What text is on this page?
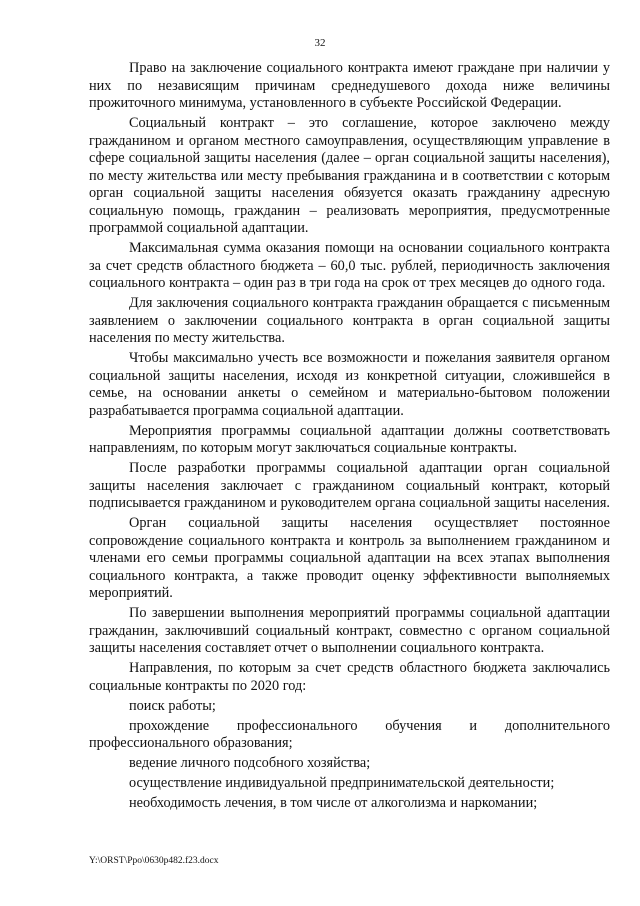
32

Право на заключение социального контракта имеют граждане при наличии у них по независящим причинам среднедушевого дохода ниже величины прожиточного минимума, установленного в субъекте Российской Федерации.

Социальный контракт – это соглашение, которое заключено между гражданином и органом местного самоуправления, осуществляющим управление в сфере социальной защиты населения (далее – орган социальной защиты населения), по месту жительства или месту пребывания гражданина и в соответствии с которым орган социальной защиты населения обязуется оказать гражданину адресную социальную помощь, гражданин – реализовать мероприятия, предусмотренные программой социальной адаптации.

Максимальная сумма оказания помощи на основании социального контракта за счет средств областного бюджета – 60,0 тыс. рублей, периодичность заключения социального контракта – один раз в три года на срок от трех месяцев до одного года.

Для заключения социального контракта гражданин обращается с письменным заявлением о заключении социального контракта в орган социальной защиты населения по месту жительства.

Чтобы максимально учесть все возможности и пожелания заявителя органом социальной защиты населения, исходя из конкретной ситуации, сложившейся в семье, на основании анкеты о семейном и материально-бытовом положении разрабатывается программа социальной адаптации.

Мероприятия программы социальной адаптации должны соответствовать направлениям, по которым могут заключаться социальные контракты.

После разработки программы социальной адаптации орган социальной защиты населения заключает с гражданином социальный контракт, который подписывается гражданином и руководителем органа социальной защиты населения.

Орган социальной защиты населения осуществляет постоянное сопровождение социального контракта и контроль за выполнением гражданином и членами его семьи программы социальной адаптации на всех этапах выполнения социального контракта, а также проводит оценку эффективности выполняемых мероприятий.

По завершении выполнения мероприятий программы социальной адаптации гражданин, заключивший социальный контракт, совместно с органом социальной защиты населения составляет отчет о выполнении социального контракта.

Направления, по которым за счет средств областного бюджета заключались социальные контракты по 2020 год:

поиск работы;

прохождение профессионального обучения и дополнительного профессионального образования;

ведение личного подсобного хозяйства;

осуществление индивидуальной предпринимательской деятельности;

необходимость лечения, в том числе от алкоголизма и наркомании;

Y:\ORST\Ppo\0630p482.f23.docx
